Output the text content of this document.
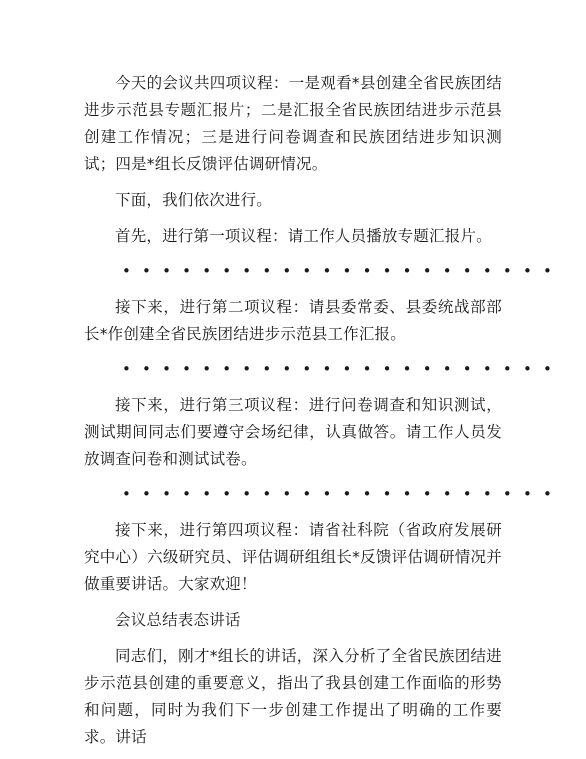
今天的会议共四项议程：一是观看*县创建全省民族团结进步示范县专题汇报片；二是汇报全省民族团结进步示范县创建工作情况；三是进行问卷调查和民族团结进步知识测试；四是*组长反馈评估调研情况。

下面，我们依次进行。

首先，进行第一项议程：请工作人员播放专题汇报片。

••••••••••••••••••••••

接下来，进行第二项议程：请县委常委、县委统战部部长*作创建全省民族团结进步示范县工作汇报。

••••••••••••••••••••••

接下来，进行第三项议程：进行问卷调查和知识测试，测试期间同志们要遵守会场纪律，认真做答。请工作人员发放调查问卷和测试试卷。

••••••••••••••••••••••

接下来，进行第四项议程：请省社科院（省政府发展研究中心）六级研究员、评估调研组组长*反馈评估调研情况并做重要讲话。大家欢迎！

会议总结表态讲话

同志们，刚才*组长的讲话，深入分析了全省民族团结进步示范县创建的重要意义，指出了我县创建工作面临的形势和问题，同时为我们下一步创建工作提出了明确的工作要求。讲话
